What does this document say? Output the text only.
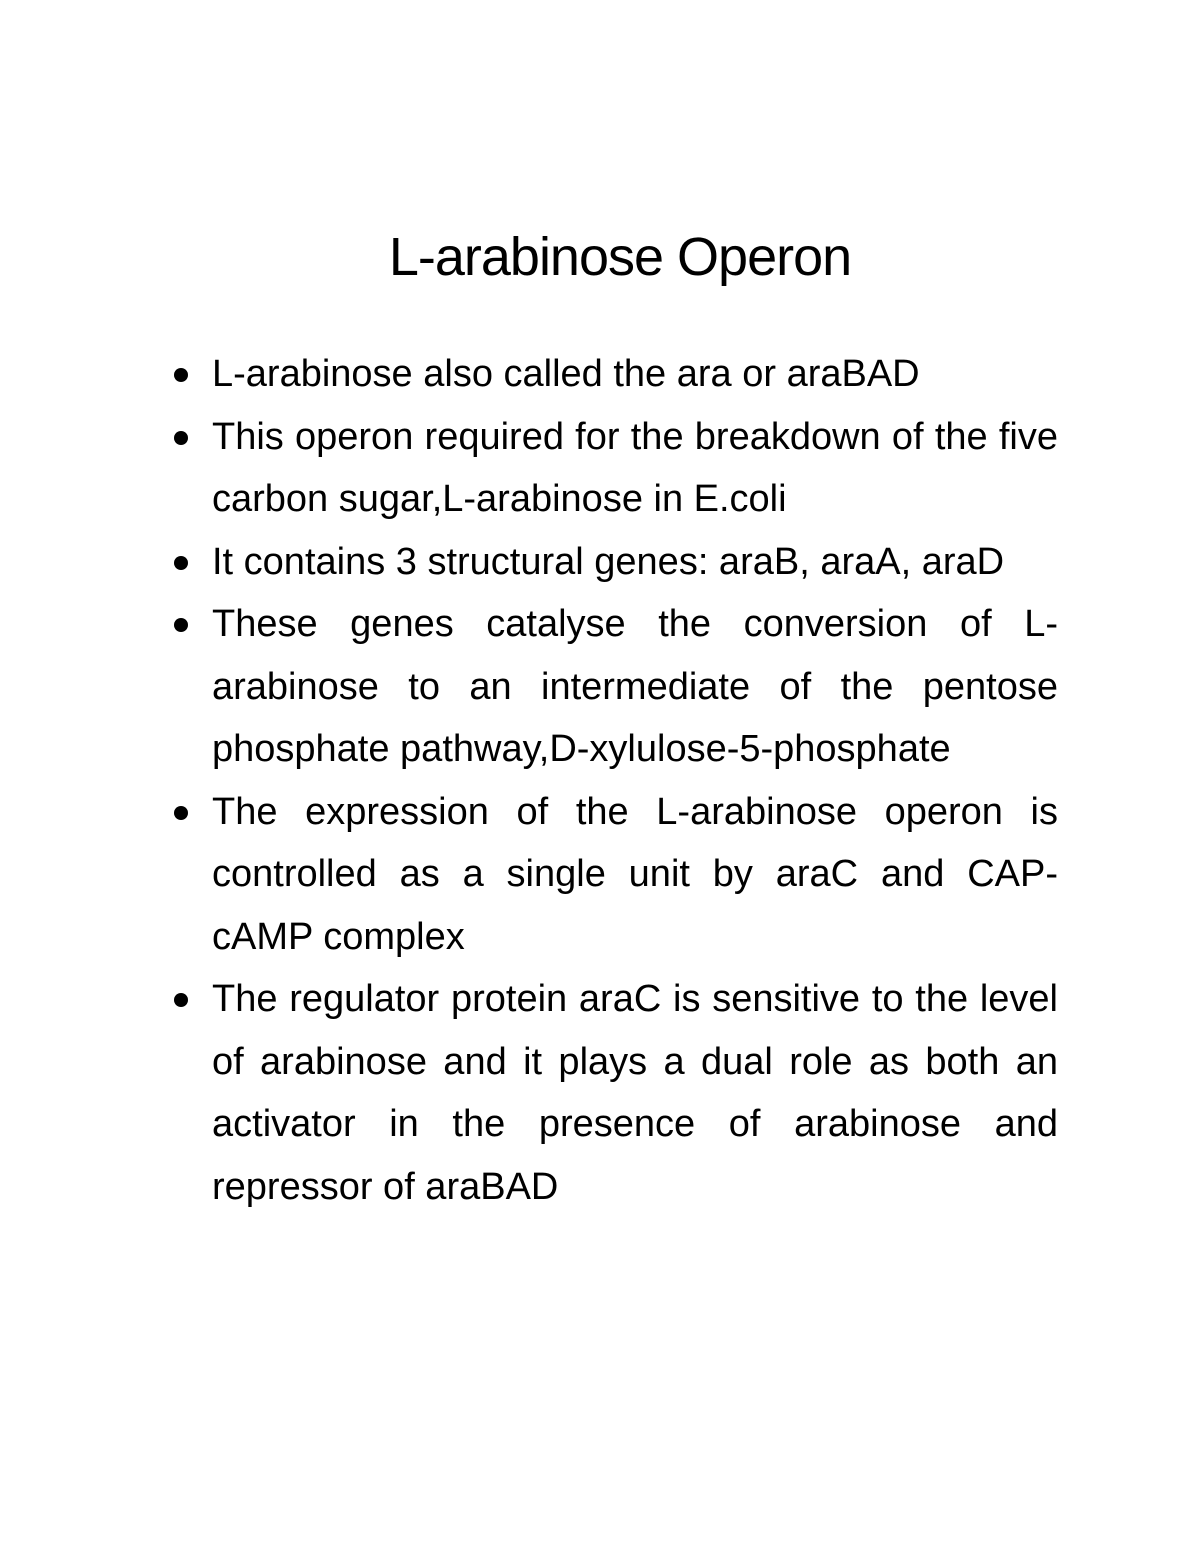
L-arabinose Operon
L-arabinose also called the ara or araBAD
This operon required for the breakdown of the five carbon sugar,L-arabinose in E.coli
It contains 3 structural genes: araB, araA, araD
These genes catalyse the conversion of L-arabinose to an intermediate of the pentose phosphate pathway,D-xylulose-5-phosphate
The expression of the L-arabinose operon is controlled as a single unit by araC and CAP-cAMP complex
The regulator protein araC is sensitive to the level of arabinose and it plays a dual role as both an activator in the presence of arabinose and repressor of araBAD
